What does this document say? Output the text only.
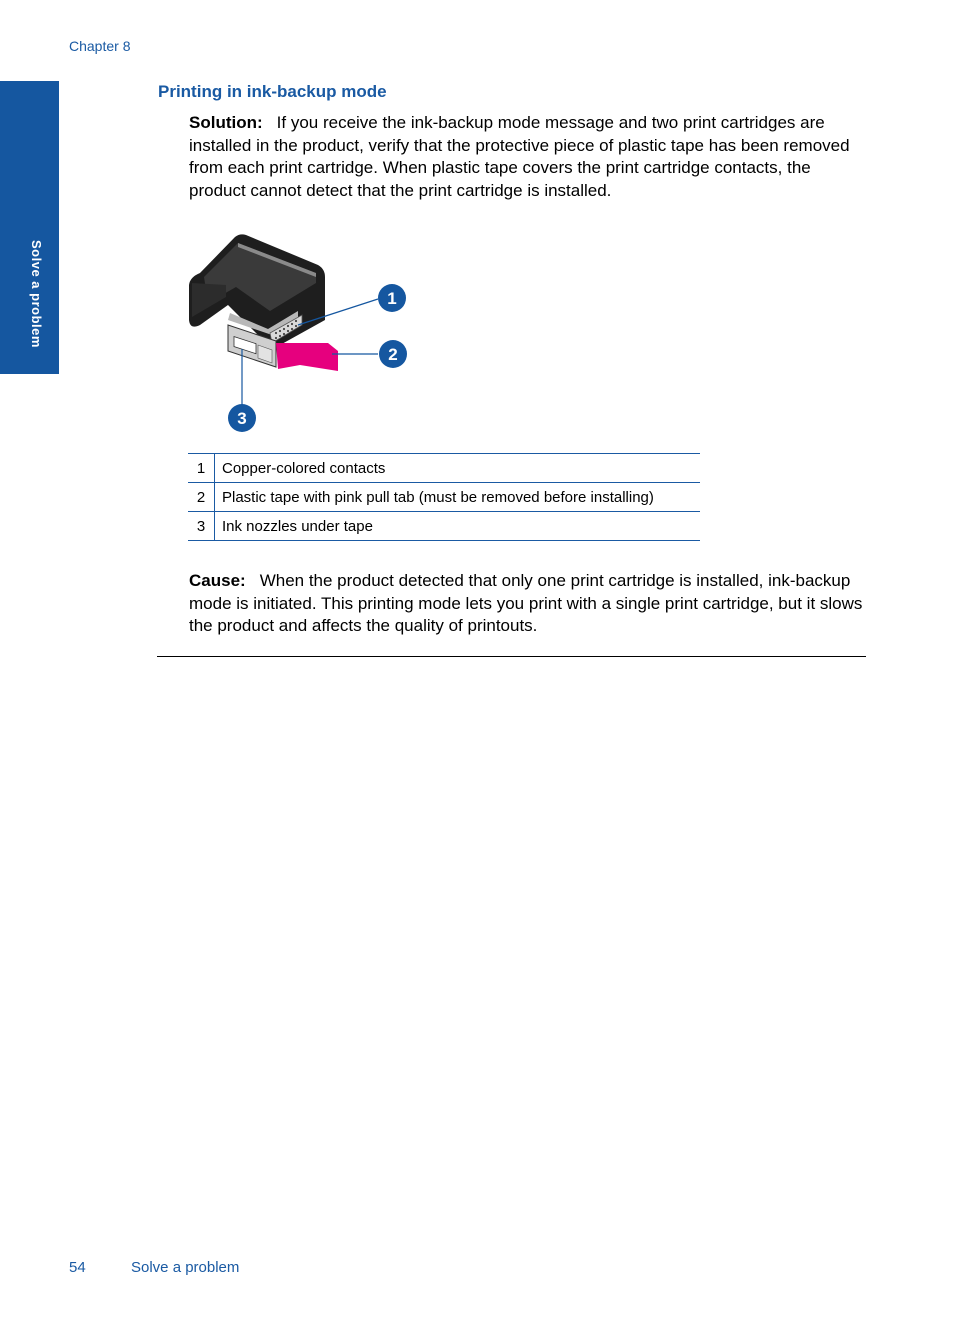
Chapter 8
Solve a problem
Printing in ink-backup mode

Solution: If you receive the ink-backup mode message and two print cartridges are installed in the product, verify that the protective piece of plastic tape has been removed from each print cartridge. When plastic tape covers the print cartridge contacts, the product cannot detect that the print cartridge is installed.

1
2
3
1	Copper-colored contacts
2	Plastic tape with pink pull tab (must be removed before installing)
3	Ink nozzles under tape

Cause: When the product detected that only one print cartridge is installed, ink-backup mode is initiated. This printing mode lets you print with a single print cartridge, but it slows the product and affects the quality of printouts.

54	Solve a problem
